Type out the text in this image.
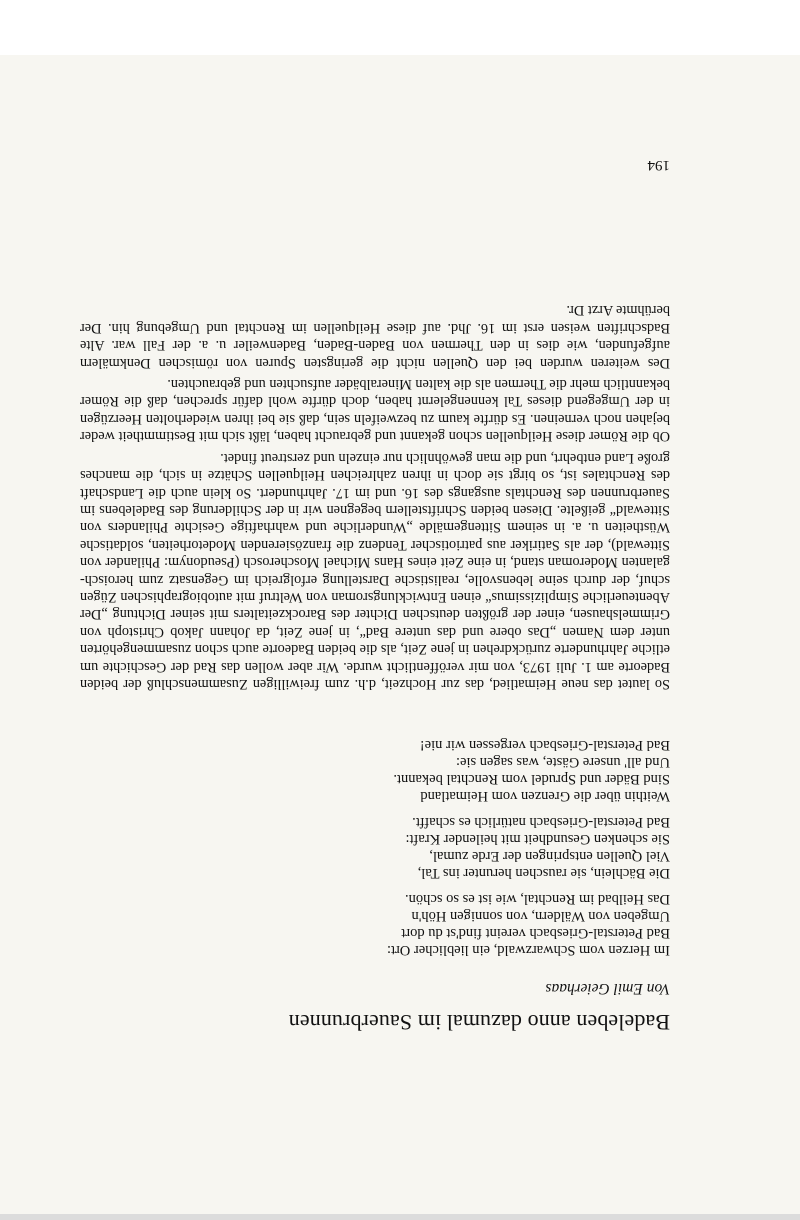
Badeleben anno dazumal im Sauerbrunnen
Von Emil Geierhaas
Im Herzen vom Schwarzwald, ein lieblicher Ort:
Bad Peterstal-Griesbach vereint find'st du dort
Umgeben von Wäldern, von sonnigen Höh'n
Das Heilbad im Renchtal, wie ist es so schön.
Die Bächlein, sie rauschen herunter ins Tal,
Viel Quellen entspringen der Erde zumal,
Sie schenken Gesundheit mit heilender Kraft:
Bad Peterstal-Griesbach natürlich es schafft.
Weithin über die Grenzen vom Heimatland
Sind Bäder und Sprudel vom Renchtal bekannt.
Und all' unsere Gäste, was sagen sie:
Bad Peterstal-Griesbach vergessen wir nie!

So lautet das neue Heimatlied, das zur Hochzeit, d.h. zum freiwilligen Zusammenschluß der beiden Badeorte am 1. Juli 1973, von mir veröffentlicht wurde. Wir aber wollen das Rad der Geschichte um etliche Jahrhunderte zurückdrehen in jene Zeit, als die beiden Badeorte auch schon zusammengehörten unter dem Namen „Das obere und das untere Bad“, in jene Zeit, da Johann Jakob Christoph von Grimmelshausen, einer der größten deutschen Dichter des Barockzeitalters mit seiner Dichtung „Der Abenteuerliche Simplizissimus“ einen Entwicklungsroman von Weltruf mit autobiographischen Zügen schuf, der durch seine lebensvolle, realistische Darstellung erfolgreich im Gegensatz zum heroisch-galanten Moderoman stand, in eine Zeit eines Hans Michael Moscherosch (Pseudonym: Philander von Sittewald), der als Satiriker aus patriotischer Tendenz die französierenden Modetorheiten, soldatische Wüstheiten u. a. in seinem Sittengemälde „Wunderliche und wahrhaftige Gesichte Philanders von Sittewald“ geißelte. Diesen beiden Schriftstellern begegnen wir in der Schilderung des Badelebens im Sauerbrunnen des Renchtals ausgangs des 16. und im 17. Jahrhundert. So klein auch die Landschaft des Renchtales ist, so birgt sie doch in ihren zahlreichen Heilquellen Schätze in sich, die manches große Land entbehrt, und die man gewöhnlich nur einzeln und zerstreut findet.

Ob die Römer diese Heilquellen schon gekannt und gebraucht haben, läßt sich mit Bestimmtheit weder bejahen noch verneinen. Es dürfte kaum zu bezweifeln sein, daß sie bei ihren wiederholten Heerzügen in der Umgegend dieses Tal kennengelernt haben, doch dürfte wohl dafür sprechen, daß die Römer bekanntlich mehr die Thermen als die kalten Mineralbäder aufsuchten und gebrauchten.

Des weiteren wurden bei den Quellen nicht die geringsten Spuren von römischen Denkmälern aufgefunden, wie dies in den Thermen von Baden-Baden, Badenweiler u. a. der Fall war. Alte Badschriften weisen erst im 16. Jhd. auf diese Heilquellen im Renchtal und Umgebung hin. Der berühmte Arzt Dr.

194
